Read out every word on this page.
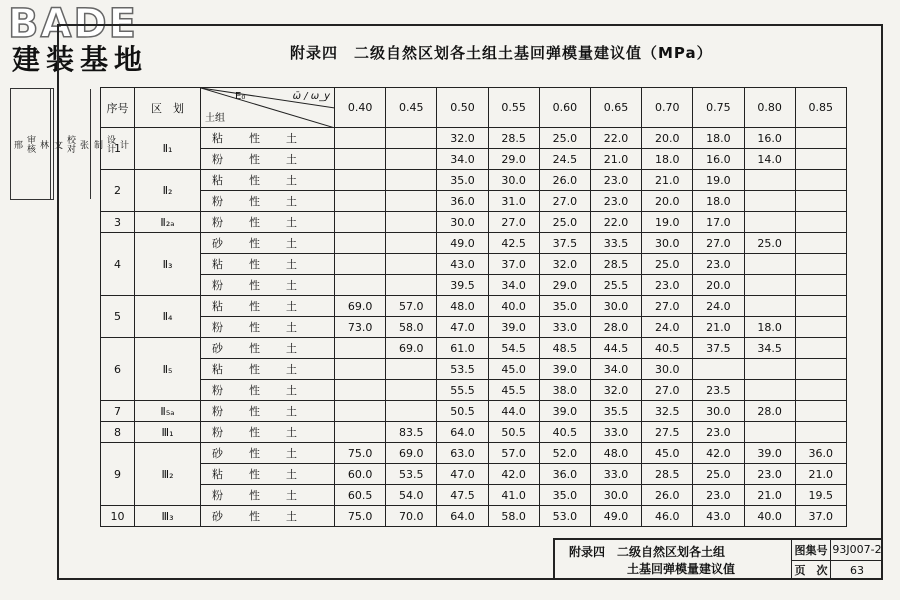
BADE
建装基地
林
审核
邢	张
校对
文	计
设计
制
附录四　二级自然区划各土组土基回弹模量建议值（MPa）
序号	区　划	E₀ ω̄ / ω_y
土组	0.40	0.45	0.50	0.55	0.60	0.65	0.70	0.75	0.80	0.85
1	Ⅱ₁	粘性土			32.0	28.5	25.0	22.0	20.0	18.0	16.0	
		粉性土			34.0	29.0	24.5	21.0	18.0	16.0	14.0	
2	Ⅱ₂	粘性土			35.0	30.0	26.0	23.0	21.0	19.0		
		粉性土			36.0	31.0	27.0	23.0	20.0	18.0		
3	Ⅱ₂ₐ	粉性土			30.0	27.0	25.0	22.0	19.0	17.0		
4	Ⅱ₃	砂性土			49.0	42.5	37.5	33.5	30.0	27.0	25.0	
		粘性土			43.0	37.0	32.0	28.5	25.0	23.0		
		粉性土			39.5	34.0	29.0	25.5	23.0	20.0		
5	Ⅱ₄	粘性土	69.0	57.0	48.0	40.0	35.0	30.0	27.0	24.0		
		粉性土	73.0	58.0	47.0	39.0	33.0	28.0	24.0	21.0	18.0	
6	Ⅱ₅	砂性土		69.0	61.0	54.5	48.5	44.5	40.5	37.5	34.5	
		粘性土			53.5	45.0	39.0	34.0	30.0			
		粉性土			55.5	45.5	38.0	32.0	27.0	23.5		
7	Ⅱ₅ₐ	粉性土			50.5	44.0	39.0	35.5	32.5	30.0	28.0	
8	Ⅲ₁	粉性土		83.5	64.0	50.5	40.5	33.0	27.5	23.0		
9	Ⅲ₂	砂性土	75.0	69.0	63.0	57.0	52.0	48.0	45.0	42.0	39.0	36.0
		粘性土	60.0	53.5	47.0	42.0	36.0	33.0	28.5	25.0	23.0	21.0
		粉性土	60.5	54.0	47.5	41.0	35.0	30.0	26.0	23.0	21.0	19.5
10	Ⅲ₃	砂性土	75.0	70.0	64.0	58.0	53.0	49.0	46.0	43.0	40.0	37.0
附录四　二级自然区划各土组
土基回弹模量建议值
图集号 93J007-2
页　次	63
